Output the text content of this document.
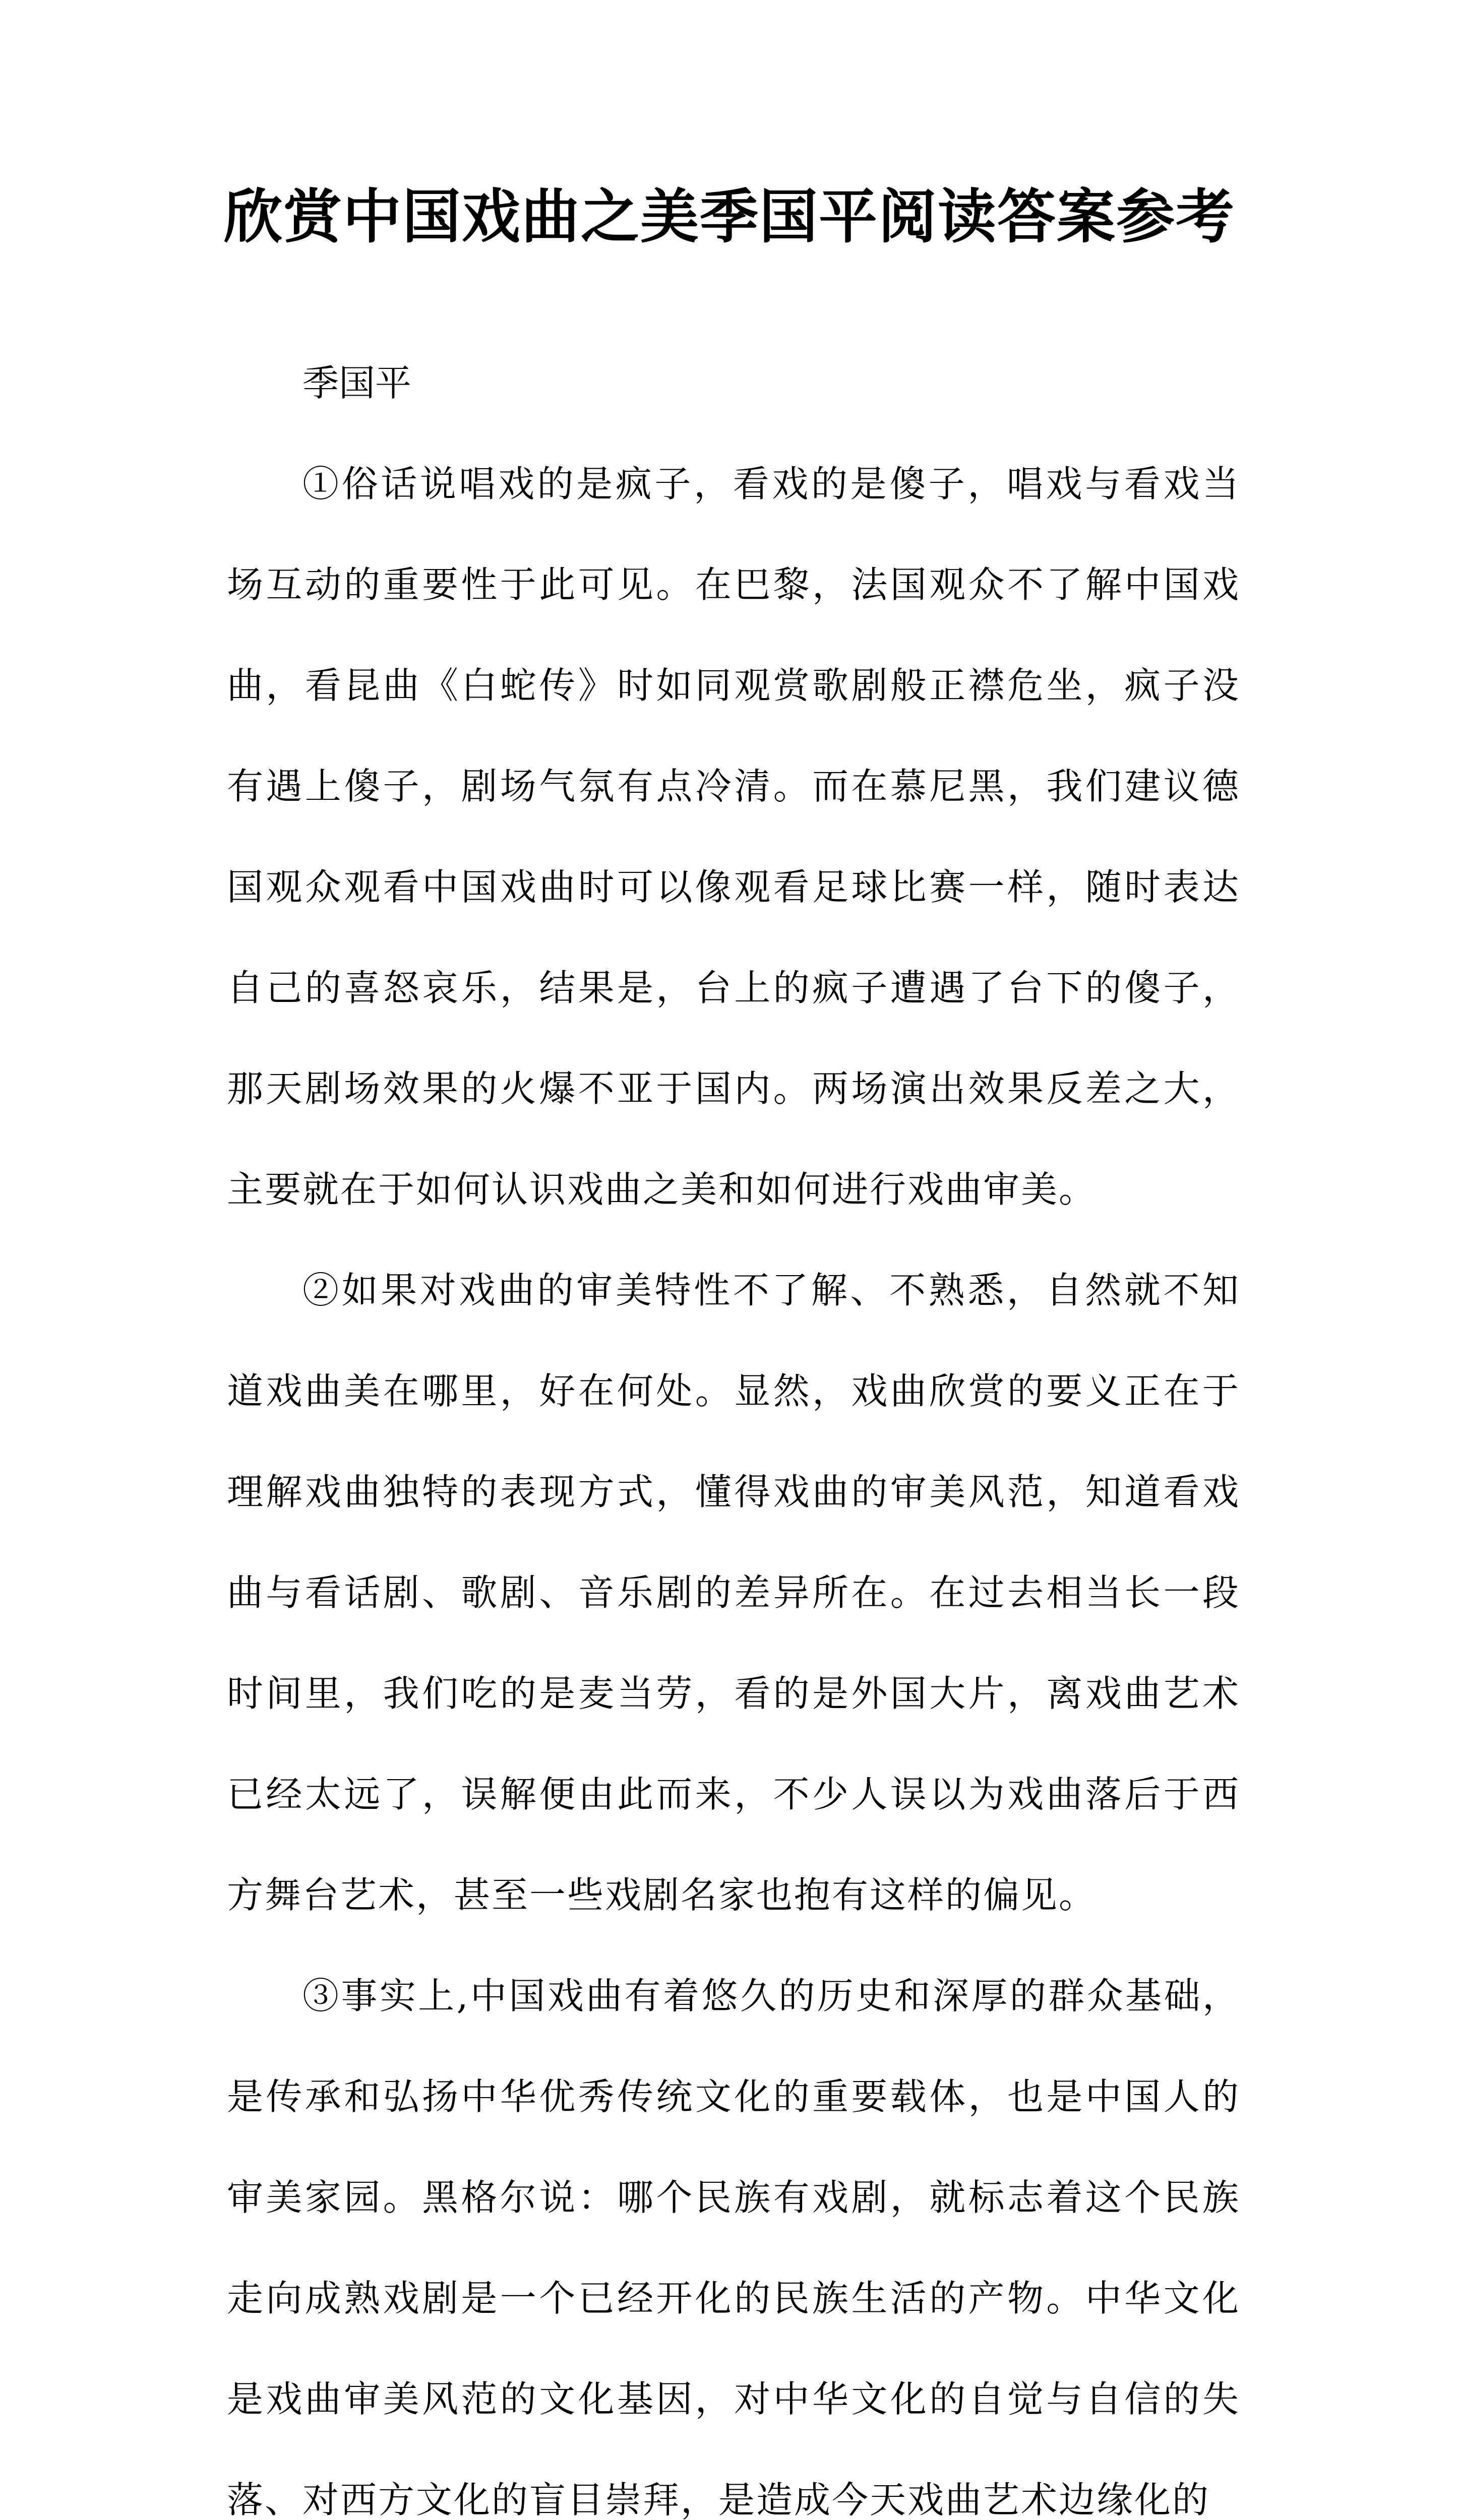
欣赏中国戏曲之美季国平阅读答案参考

季国平

①俗话说唱戏的是疯子，看戏的是傻子，唱戏与看戏当场互动的重要性于此可见。在巴黎，法国观众不了解中国戏曲，看昆曲《白蛇传》时如同观赏歌剧般正襟危坐，疯子没有遇上傻子，剧场气氛有点冷清。而在慕尼黑，我们建议德国观众观看中国戏曲时可以像观看足球比赛一样，随时表达自己的喜怒哀乐，结果是，台上的疯子遭遇了台下的傻子，那天剧场效果的火爆不亚于国内。两场演出效果反差之大，主要就在于如何认识戏曲之美和如何进行戏曲审美。

②如果对戏曲的审美特性不了解、不熟悉，自然就不知道戏曲美在哪里，好在何处。显然，戏曲欣赏的要义正在于理解戏曲独特的表现方式，懂得戏曲的审美风范，知道看戏曲与看话剧、歌剧、音乐剧的差异所在。在过去相当长一段时间里，我们吃的是麦当劳，看的是外国大片，离戏曲艺术已经太远了，误解便由此而来，不少人误以为戏曲落后于西方舞台艺术，甚至一些戏剧名家也抱有这样的偏见。

③事实上,中国戏曲有着悠久的历史和深厚的群众基础，是传承和弘扬中华优秀传统文化的重要载体，也是中国人的审美家园。黑格尔说：哪个民族有戏剧，就标志着这个民族走向成熟戏剧是一个已经开化的民族生活的产物。中华文化是戏曲审美风范的文化基因，对中华文化的自觉与自信的失落、对西方文化的盲目崇拜，是造成今天戏曲艺术边缘化的
